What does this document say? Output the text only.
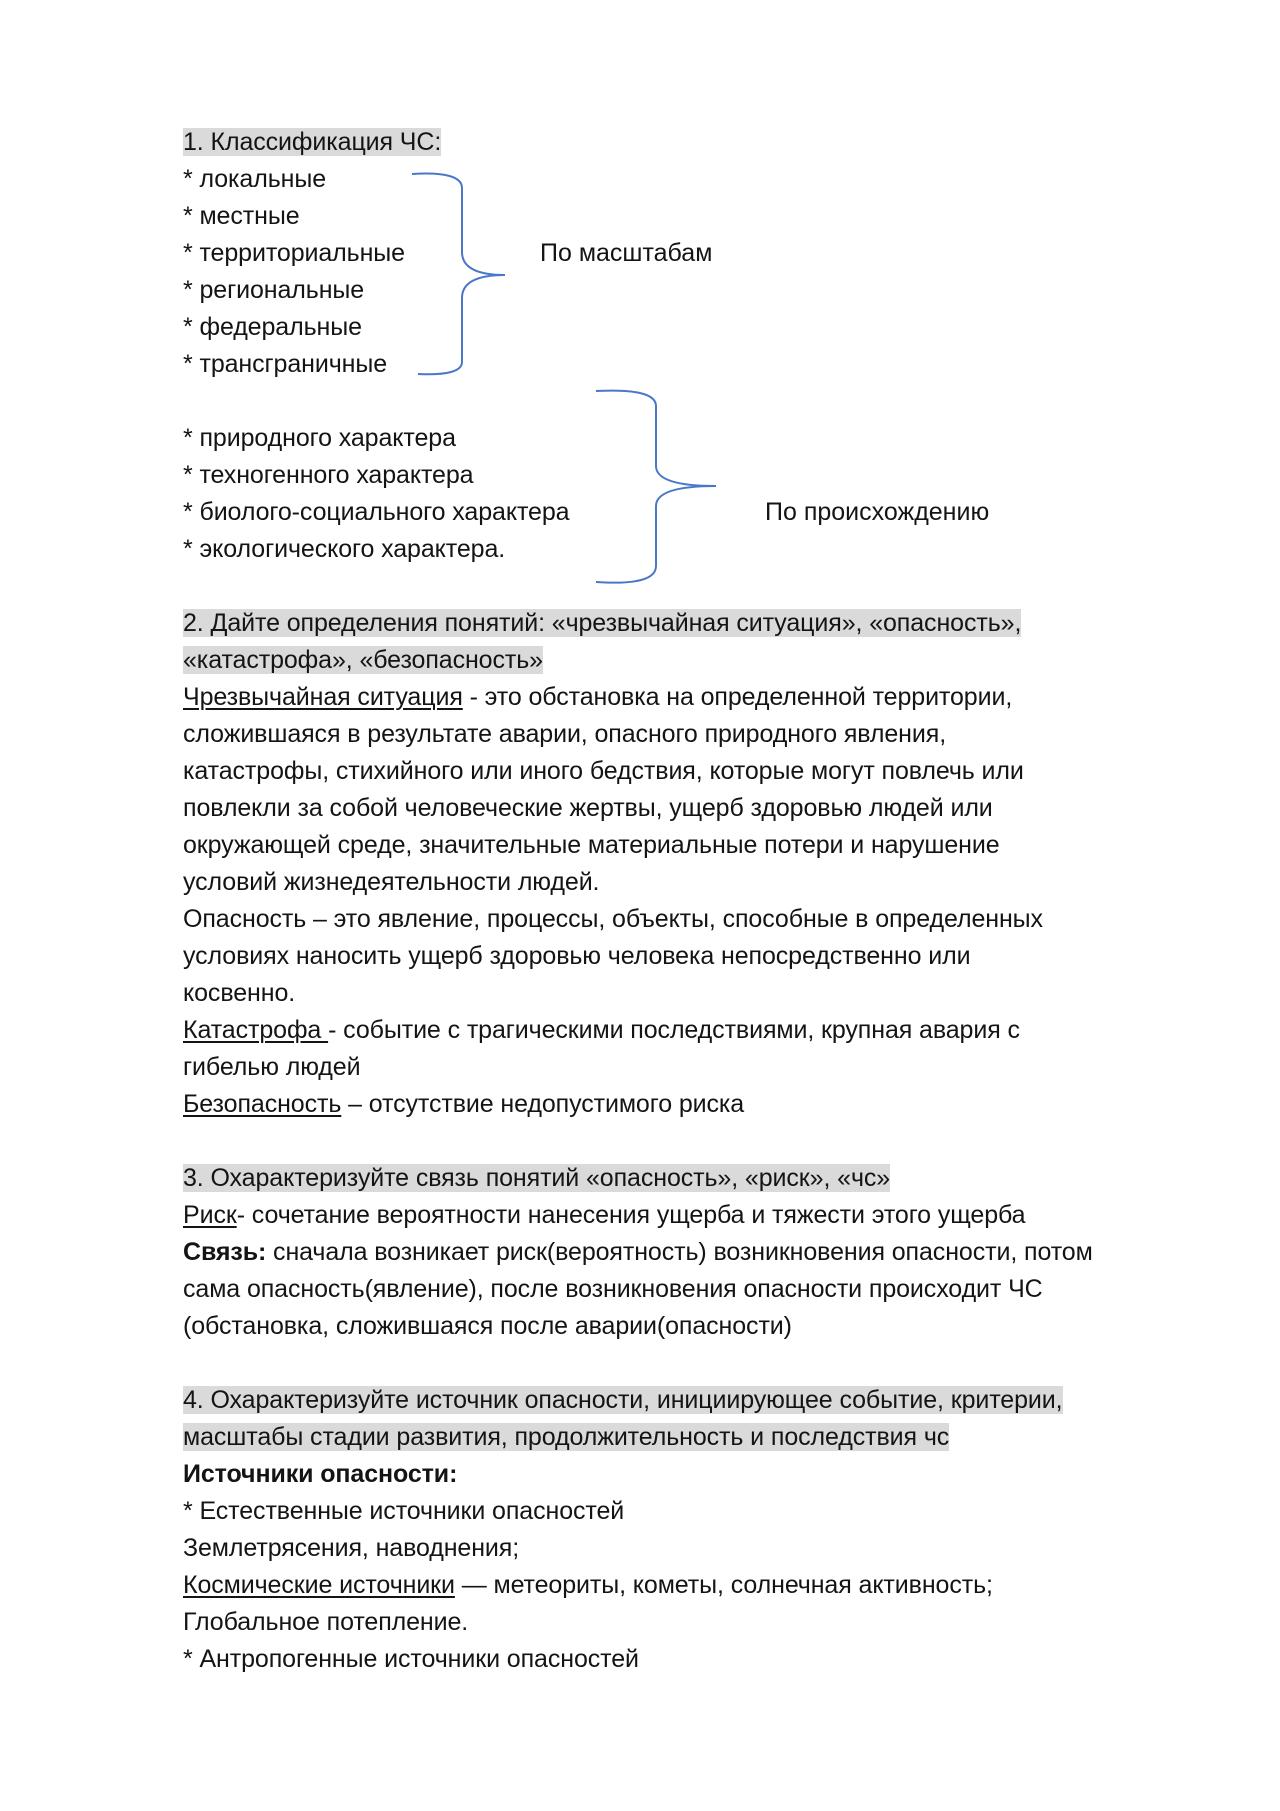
1. Классификация ЧС:
* локальные
* местные
* территориальные
* региональные
* федеральные
* трансграничные
По масштабам
* природного характера
* техногенного характера
* биолого-социального характера
* экологического характера.
По происхождению
2. Дайте определения понятий: «чрезвычайная ситуация», «опасность»,
«катастрофа», «безопасность»
Чрезвычайная ситуация - это обстановка на определенной территории,
сложившаяся в результате аварии, опасного природного явления,
катастрофы, стихийного или иного бедствия, которые могут повлечь или
повлекли за собой человеческие жертвы, ущерб здоровью людей или
окружающей среде, значительные материальные потери и нарушение
условий жизнедеятельности людей.
Опасность – это явление, процессы, объекты, способные в определенных
условиях наносить ущерб здоровью человека непосредственно или
косвенно.
Катастрофа - событие с трагическими последствиями, крупная авария с
гибелью людей
Безопасность – отсутствие недопустимого риска
3. Охарактеризуйте связь понятий «опасность», «риск», «чс»
Риск- сочетание вероятности нанесения ущерба и тяжести этого ущерба
Связь: сначала возникает риск(вероятность) возникновения опасности, потом
сама опасность(явление), после возникновения опасности происходит ЧС
(обстановка, сложившаяся после аварии(опасности)
4. Охарактеризуйте источник опасности, инициирующее событие, критерии,
масштабы стадии развития, продолжительность и последствия чс
Источники опасности:
* Естественные источники опасностей
Землетрясения, наводнения;
Космические источники — метеориты, кометы, солнечная активность;
Глобальное потепление.
* Антропогенные источники опасностей
